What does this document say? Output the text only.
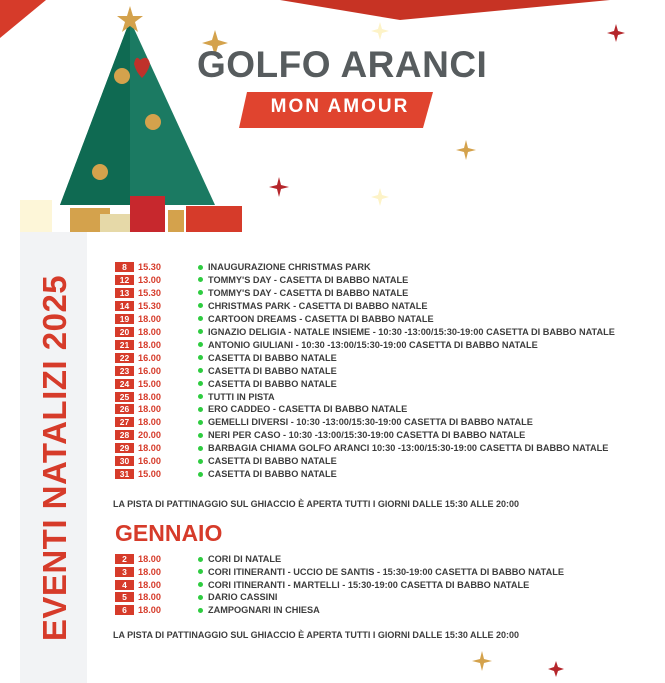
GOLFO ARANCI
MON AMOUR
EVENTI NATALIZI 2025
8	15.30	INAUGURAZIONE CHRISTMAS PARK
12 13.00	TOMMY'S DAY - CASETTA DI BABBO NATALE
13 15.30	TOMMY'S DAY - CASETTA DI BABBO NATALE
14 15.30	CHRISTMAS PARK - CASETTA DI BABBO NATALE
19 18.00	CARTOON DREAMS - CASETTA DI BABBO NATALE
20 18.00	IGNAZIO DELIGIA - NATALE INSIEME - 10:30 -13:00/15:30-19:00 CASETTA DI BABBO NATALE
21 18.00	ANTONIO GIULIANI - 10:30 -13:00/15:30-19:00 CASETTA DI BABBO NATALE
22 16.00	CASETTA DI BABBO NATALE
23 16.00	CASETTA DI BABBO NATALE
24 15.00	CASETTA DI BABBO NATALE
25 18.00	TUTTI IN PISTA
26 18.00	ERO CADDEO - CASETTA DI BABBO NATALE
27 18.00	GEMELLI DIVERSI - 10:30 -13:00/15:30-19:00 CASETTA DI BABBO NATALE
28 20.00	NERI PER CASO - 10:30 -13:00/15:30-19:00 CASETTA DI BABBO NATALE
29 18.00	BARBAGIA CHIAMA GOLFO ARANCI 10:30 -13:00/15:30-19:00 CASETTA DI BABBO NATALE
30 16.00	CASETTA DI BABBO NATALE
31 15.00	CASETTA DI BABBO NATALE
LA PISTA DI PATTINAGGIO SUL GHIACCIO È APERTA TUTTI I GIORNI DALLE 15:30 ALLE 20:00
GENNAIO
2	18.00	CORI DI NATALE
3	18.00	CORI ITINERANTI - UCCIO DE SANTIS - 15:30-19:00 CASETTA DI BABBO NATALE
4	18.00	CORI ITINERANTI - MARTELLI - 15:30-19:00 CASETTA DI BABBO NATALE
5	18.00	DARIO CASSINI
6	18.00	ZAMPOGNARI IN CHIESA
LA PISTA DI PATTINAGGIO SUL GHIACCIO È APERTA TUTTI I GIORNI DALLE 15:30 ALLE 20:00
